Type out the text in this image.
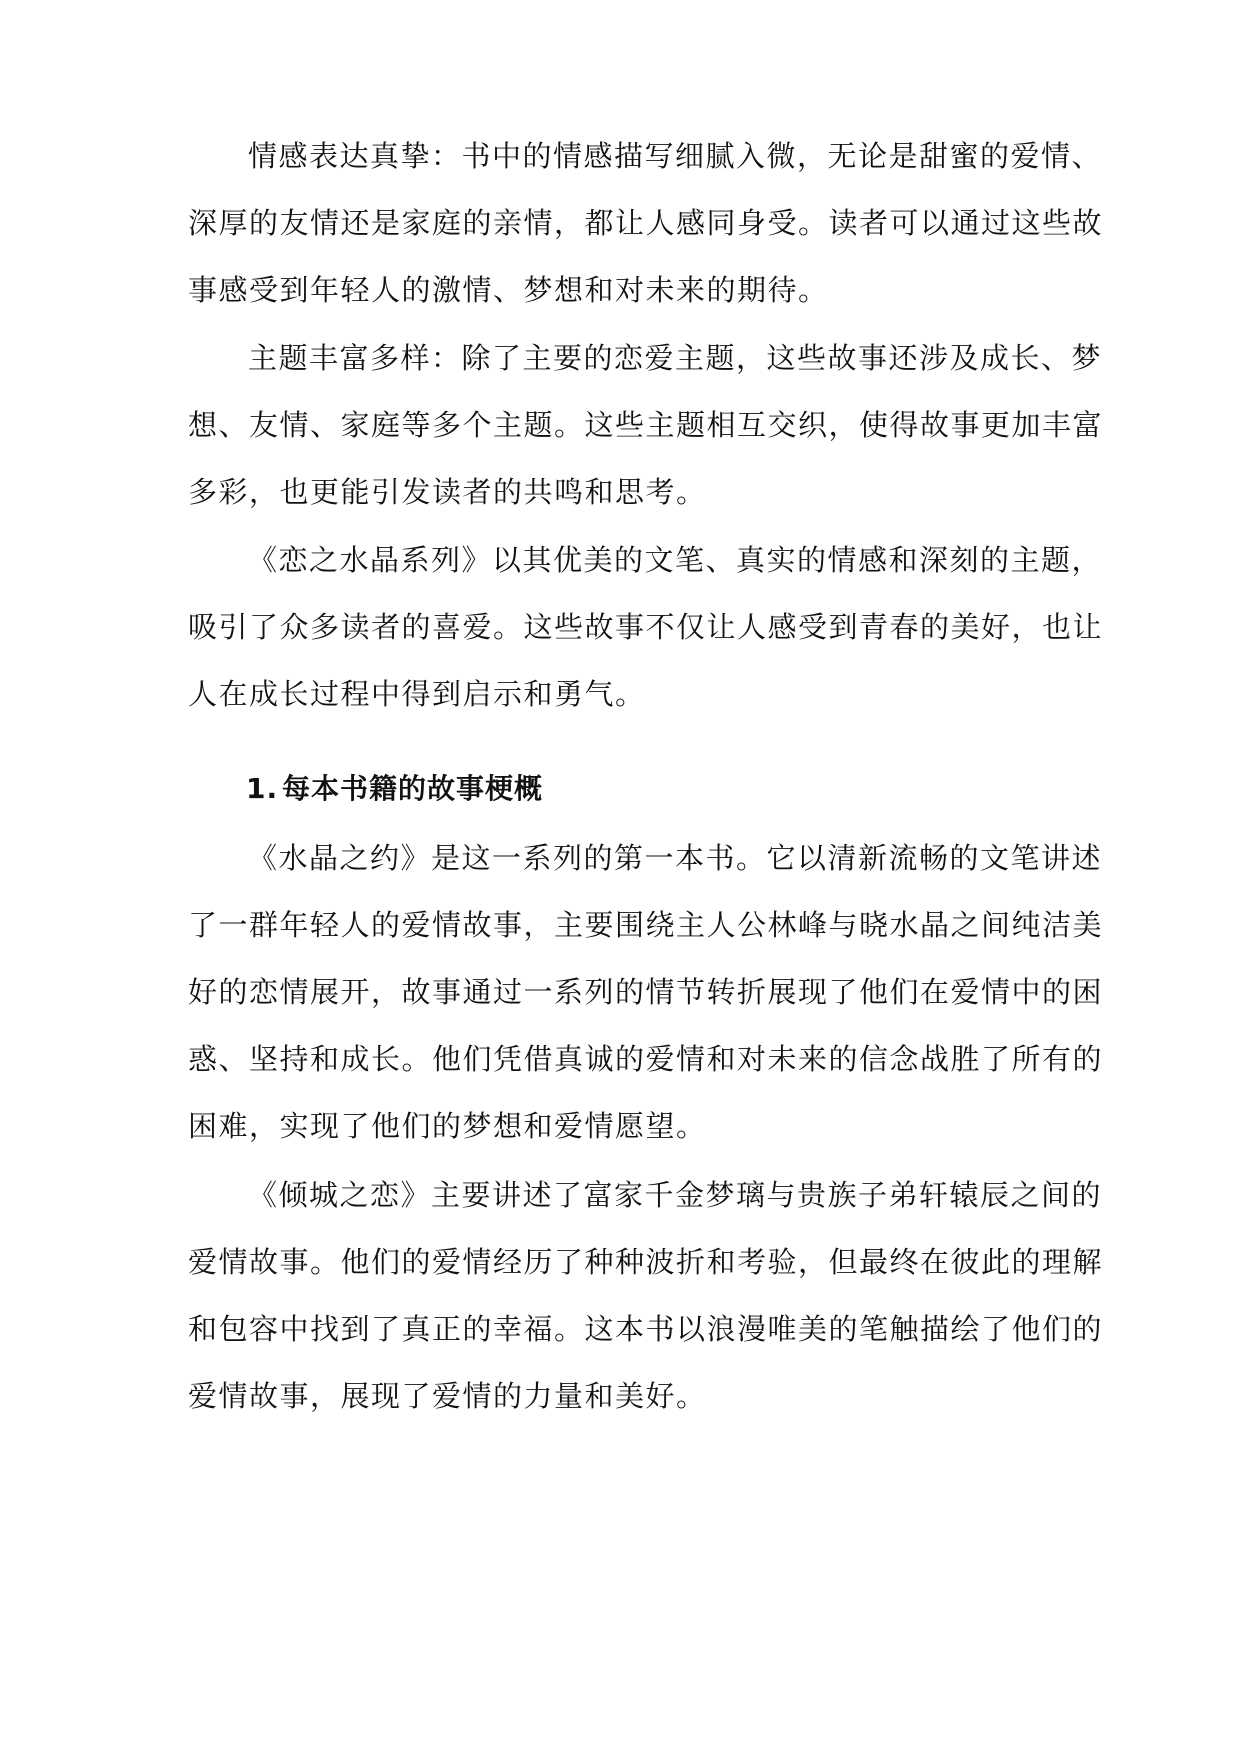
情感表达真挚：书中的情感描写细腻入微，无论是甜蜜的爱情、
深厚的友情还是家庭的亲情，都让人感同身受。读者可以通过这些故
事感受到年轻人的激情、梦想和对未来的期待。
主题丰富多样：除了主要的恋爱主题，这些故事还涉及成长、梦
想、友情、家庭等多个主题。这些主题相互交织，使得故事更加丰富
多彩，也更能引发读者的共鸣和思考。
《恋之水晶系列》以其优美的文笔、真实的情感和深刻的主题，
吸引了众多读者的喜爱。这些故事不仅让人感受到青春的美好，也让
人在成长过程中得到启示和勇气。
1. 每本书籍的故事梗概
《水晶之约》是这一系列的第一本书。它以清新流畅的文笔讲述
了一群年轻人的爱情故事，主要围绕主人公林峰与晓水晶之间纯洁美
好的恋情展开，故事通过一系列的情节转折展现了他们在爱情中的困
惑、坚持和成长。他们凭借真诚的爱情和对未来的信念战胜了所有的
困难，实现了他们的梦想和爱情愿望。
《倾城之恋》主要讲述了富家千金梦璃与贵族子弟轩辕辰之间的
爱情故事。他们的爱情经历了种种波折和考验，但最终在彼此的理解
和包容中找到了真正的幸福。这本书以浪漫唯美的笔触描绘了他们的
爱情故事，展现了爱情的力量和美好。
